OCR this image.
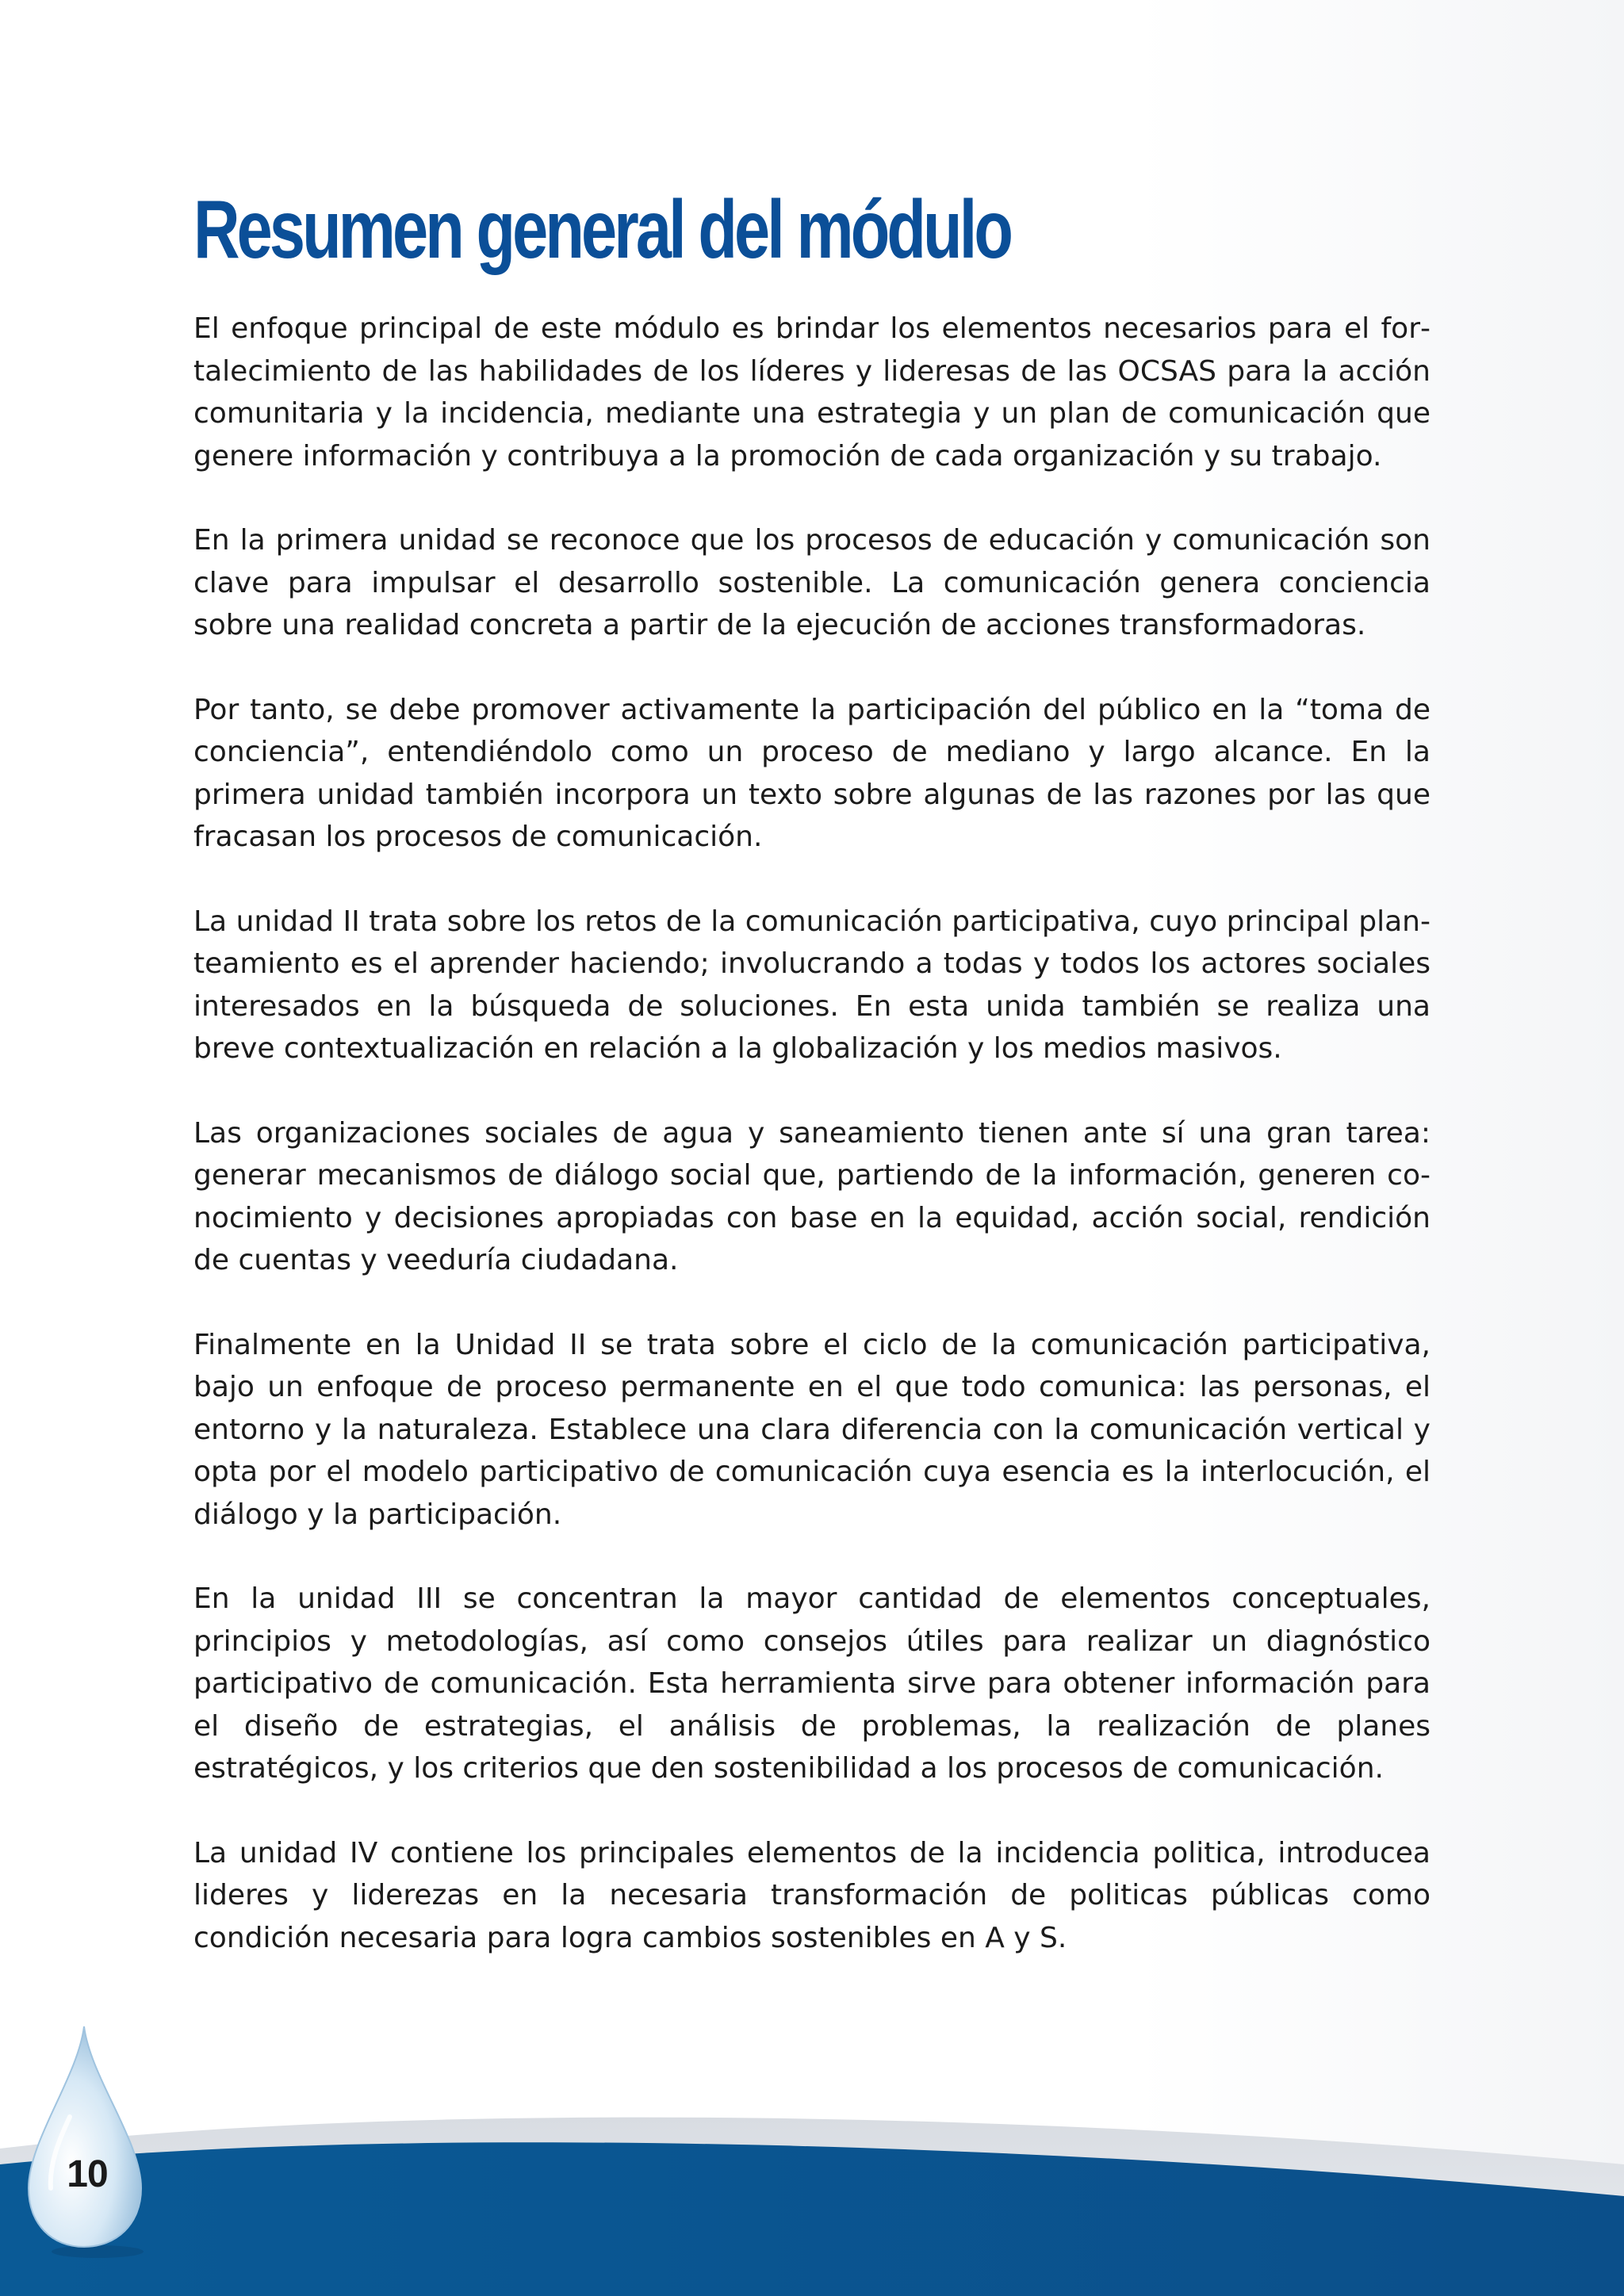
Resumen general del módulo

El enfoque principal de este módulo es brindar los elementos necesarios para el fortalecimiento de las habilidades de los líderes y lideresas de las OCSAS para la acción comunitaria y la incidencia, mediante una estrategia y un plan de comunicación que genere información y contribuya a la promoción de cada organización y su trabajo.

En la primera unidad se reconoce que los procesos de educación y comunicación son clave para impulsar el desarrollo sostenible. La comunicación genera conciencia sobre una realidad concreta a partir de la ejecución de acciones transformadoras.

Por tanto, se debe promover activamente la participación del público en la “toma de conciencia”, entendiéndolo como un proceso de mediano y largo alcance. En la primera unidad también incorpora un texto sobre algunas de las razones por las que fracasan los procesos de comunicación.

La unidad II trata sobre los retos de la comunicación participativa, cuyo principal planteamiento es el aprender haciendo; involucrando a todas y todos los actores sociales interesados en la búsqueda de soluciones. En esta unida también se realiza una breve contextualización en relación a la globalización y los medios masivos.

Las organizaciones sociales de agua y saneamiento tienen ante sí una gran tarea: generar mecanismos de diálogo social que, partiendo de la información, generen conocimiento y decisiones apropiadas con base en la equidad, acción social, rendición de cuentas y veeduría ciudadana.

Finalmente en la Unidad II se trata sobre el ciclo de la comunicación participativa, bajo un enfoque de proceso permanente en el que todo comunica: las personas, el entorno y la naturaleza. Establece una clara diferencia con la comunicación vertical y opta por el modelo participativo de comunicación cuya esencia es la interlocución, el diálogo y la participación.

En la unidad III se concentran la mayor cantidad de elementos conceptuales, principios y metodologías, así como consejos útiles para realizar un diagnóstico participativo de comunicación. Esta herramienta sirve para obtener información para el diseño de estrategias, el análisis de problemas, la realización de planes estratégicos, y los criterios que den sostenibilidad a los procesos de comunicación.

La unidad IV contiene los principales elementos de la incidencia politica, introducea lideres y liderezas en la necesaria transformación de politicas públicas como condición necesaria para logra cambios sostenibles en A y S.

10
